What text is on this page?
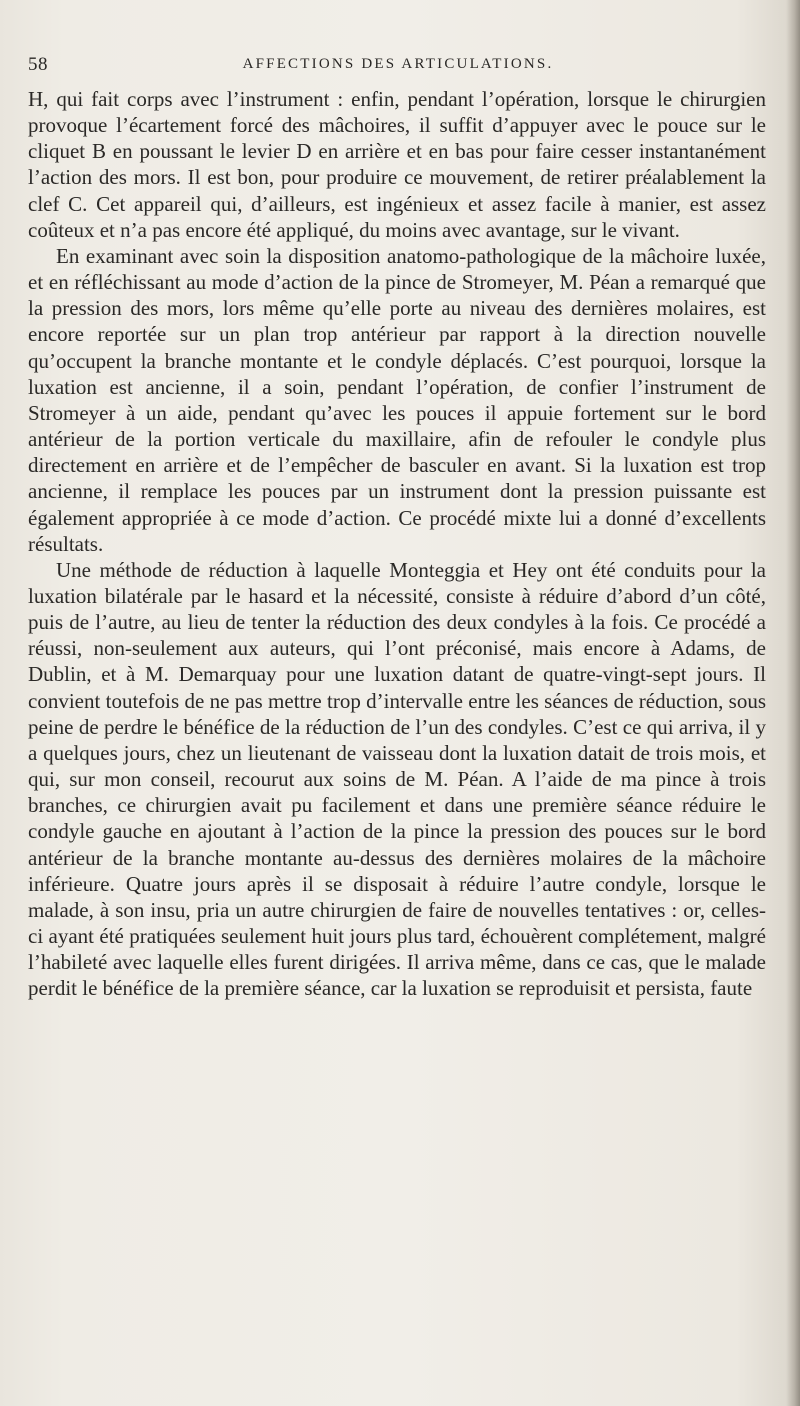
58	AFFECTIONS DES ARTICULATIONS.

H, qui fait corps avec l’instrument : enfin, pendant l’opération, lorsque le chirurgien provoque l’écartement forcé des mâchoires, il suffit d’appuyer avec le pouce sur le cliquet B en poussant le levier D en arrière et en bas pour faire cesser instantanément l’action des mors. Il est bon, pour produire ce mouvement, de retirer préalablement la clef C. Cet appareil qui, d’ailleurs, est ingénieux et assez facile à manier, est assez coûteux et n’a pas encore été appliqué, du moins avec avantage, sur le vivant.

En examinant avec soin la disposition anatomo-pathologique de la mâchoire luxée, et en réfléchissant au mode d’action de la pince de Stromeyer, M. Péan a remarqué que la pression des mors, lors même qu’elle porte au niveau des dernières molaires, est encore reportée sur un plan trop antérieur par rapport à la direction nouvelle qu’occupent la branche montante et le condyle déplacés. C’est pourquoi, lorsque la luxation est ancienne, il a soin, pendant l’opération, de confier l’instrument de Stromeyer à un aide, pendant qu’avec les pouces il appuie fortement sur le bord antérieur de la portion verticale du maxillaire, afin de refouler le condyle plus directement en arrière et de l’empêcher de basculer en avant. Si la luxation est trop ancienne, il remplace les pouces par un instrument dont la pression puissante est également appropriée à ce mode d’action. Ce procédé mixte lui a donné d’excellents résultats.

Une méthode de réduction à laquelle Monteggia et Hey ont été conduits pour la luxation bilatérale par le hasard et la nécessité, consiste à réduire d’abord d’un côté, puis de l’autre, au lieu de tenter la réduction des deux condyles à la fois. Ce procédé a réussi, non-seulement aux auteurs, qui l’ont préconisé, mais encore à Adams, de Dublin, et à M. Demarquay pour une luxation datant de quatre-vingt-sept jours. Il convient toutefois de ne pas mettre trop d’intervalle entre les séances de réduction, sous peine de perdre le bénéfice de la réduction de l’un des condyles. C’est ce qui arriva, il y a quelques jours, chez un lieutenant de vaisseau dont la luxation datait de trois mois, et qui, sur mon conseil, recourut aux soins de M. Péan. A l’aide de ma pince à trois branches, ce chirurgien avait pu facilement et dans une première séance réduire le condyle gauche en ajoutant à l’action de la pince la pression des pouces sur le bord antérieur de la branche montante au-dessus des dernières molaires de la mâchoire inférieure. Quatre jours après il se disposait à réduire l’autre condyle, lorsque le malade, à son insu, pria un autre chirurgien de faire de nouvelles tentatives : or, celles-ci ayant été pratiquées seulement huit jours plus tard, échouèrent complétement, malgré l’habileté avec laquelle elles furent dirigées. Il arriva même, dans ce cas, que le malade perdit le bénéfice de la première séance, car la luxation se reproduisit et persista, faute
